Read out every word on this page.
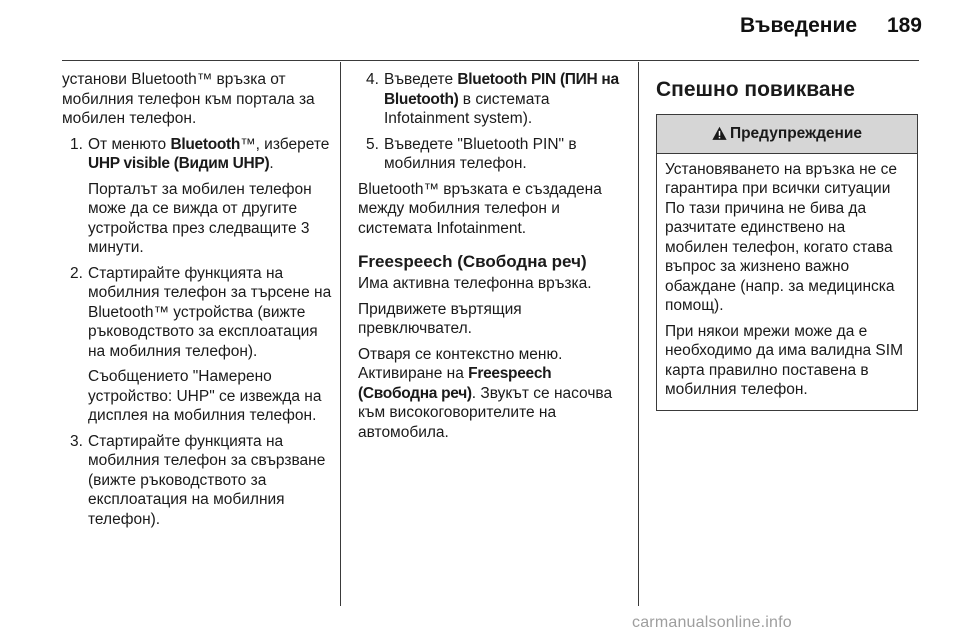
Въведение	189

установи Bluetooth™ връзка от мобилния телефон към портала за мобилен телефон.

1. От менюто Bluetooth™, изберете UHP visible (Видим UHP).

Порталът за мобилен телефон може да се вижда от другите устройства през следващите 3 минути.

2. Стартирайте функцията на мобилния телефон за търсене на Bluetooth™ устройства (вижте ръководството за експлоатация на мобилния телефон).

Съобщението "Намерено устройство: UHP" се извежда на дисплея на мобилния телефон.

3. Стартирайте функцията на мобилния телефон за свързване (вижте ръководството за експлоатация на мобилния телефон).

4. Въведете Bluetooth PIN (ПИН на Bluetooth) в системата Infotainment system).

5. Въведете "Bluetooth PIN" в мобилния телефон.

Bluetooth™ връзката е създадена между мобилния телефон и системата Infotainment.

Freespeech (Свободна реч)

Има активна телефонна връзка.

Придвижете въртящия превключвател.

Отваря се контекстно меню.
Активиране на Freespeech (Свободна реч). Звукът се насочва към високоговорителите на автомобила.

Спешно повикване
Предупреждение

Установяването на връзка не се гарантира при всички ситуации По тази причина не бива да разчитате единствено на мобилен телефон, когато става въпрос за жизнено важно обаждане (напр. за медицинска помощ).

При някои мрежи може да е необходимо да има валидна SIM карта правилно поставена в мобилния телефон.

carmanualsonline.info
